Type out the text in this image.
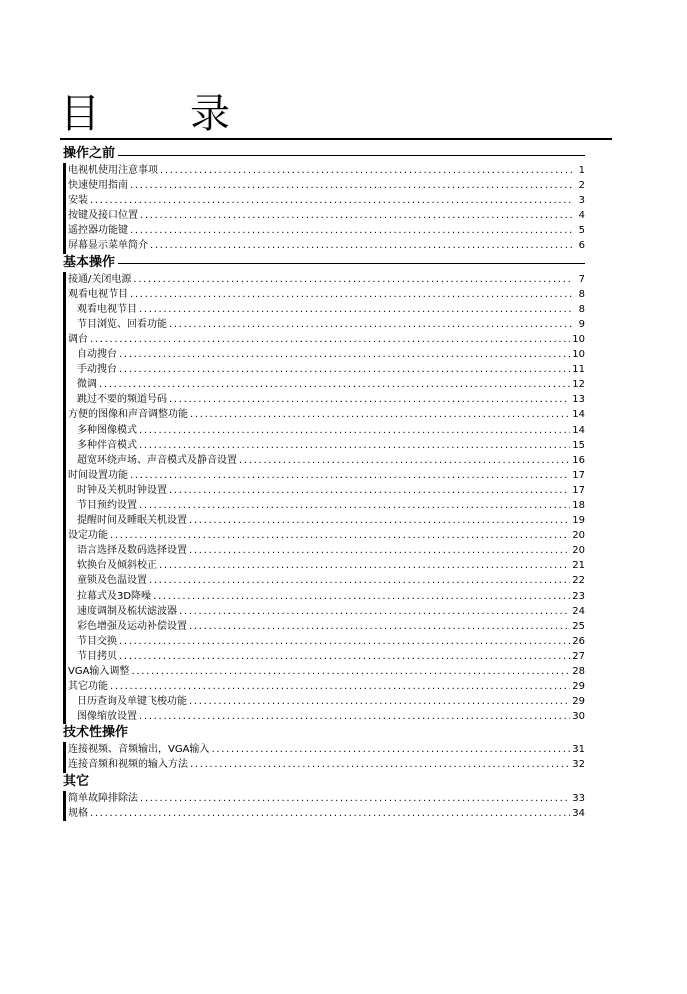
目 录
操作之前
电视机使用注意事项 .....	1
快速使用指南 .....	2
安装 .....	3
按键及接口位置 .....	4
遥控器功能键 .....	5
屏幕显示菜单简介 .....	6
基本操作
接通/关闭电源 .....	7
观看电视节目 .....	8
观看电视节目 .....	8
节目浏览、回看功能 .....	9
调台 .....	10
自动搜台 .....	10
手动搜台 .....	11
微调 .....	12
跳过不要的频道号码 .....	13
方便的图像和声音调整功能 .....	14
多种图像模式 .....	14
多种伴音模式 .....	15
超宽环绕声场、声音模式及静音设置 .....	16
时间设置功能 .....	17
时钟及关机时钟设置 .....	17
节目预约设置 .....	18
提醒时间及睡眠关机设置 .....	19
设定功能 .....	20
语言选择及数码选择设置 .....	20
软换台及倾斜校正 .....	21
童锁及色温设置 .....	22
拉幕式及3D降噪 .....	23
速度调制及梳状滤波器 .....	24
彩色增强及运动补偿设置 .....	25
节目交换 .....	26
节目拷贝 .....	27
VGA输入调整 .....	28
其它功能 .....	29
日历查询及单键飞梭功能 .....	29
图像缩放设置 .....	30
技术性操作
连接视频、音频输出，VGA输入 .....	31
连接音频和视频的输入方法 .....	32
其它
简单故障排除法 .....	33
规格 .....	34
